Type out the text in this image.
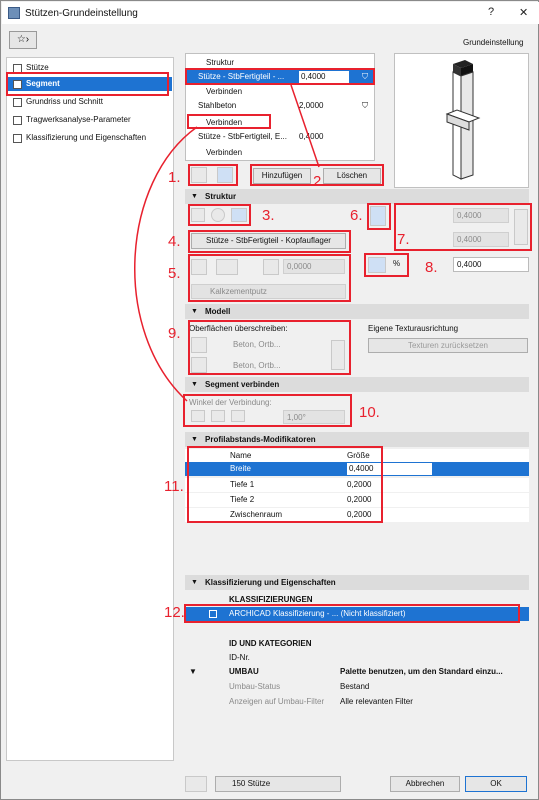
Stützen-Grundeinstellung	? ✕
☆›	Grundeinstellung
Stütze
Segment
Grundriss und Schnitt
Tragwerksanalyse-Parameter
Klassifizierung und Eigenschaften
Struktur
Stütze - StbFertigteil - ... 0,4000	⛉
Verbinden
Stahlbeton	2,0000	⛉
Verbinden
Stütze - StbFertigteil, E... 0,4000
Verbinden
Hinzufügen	Löschen
▼ Struktur
Stütze - StbFertigteil - Kopfauflager
0,0000
Kalkzementputz
0,4000
0,4000
%	0,4000
▼ Modell
Oberflächen überschreiben:
Beton, Ortb...
Beton, Ortb...
Eigene Texturausrichtung
Texturen zurücksetzen
▼ Segment verbinden
Winkel der Verbindung:
1,00°
▼ Profilabstands-Modifikatoren
Name	Größe
Breite	0,4000
Tiefe 1	0,2000
Tiefe 2	0,2000
Zwischenraum	0,2000
▼ Klassifizierung und Eigenschaften
KLASSIFIZIERUNGEN
ARCHICAD Klassifizierung - ... (Nicht klassifiziert)
ID UND KATEGORIEN
ID-Nr.
▼	UMBAU	Palette benutzen, um den Standard einzu...
Umbau-Status	Bestand
Anzeigen auf Umbau-Filter Alle relevanten Filter
150 Stütze	Abbrechen	OK
1.	2.
3.
4.
5.
6.
7.
8.
9.
10.
11.
12.
